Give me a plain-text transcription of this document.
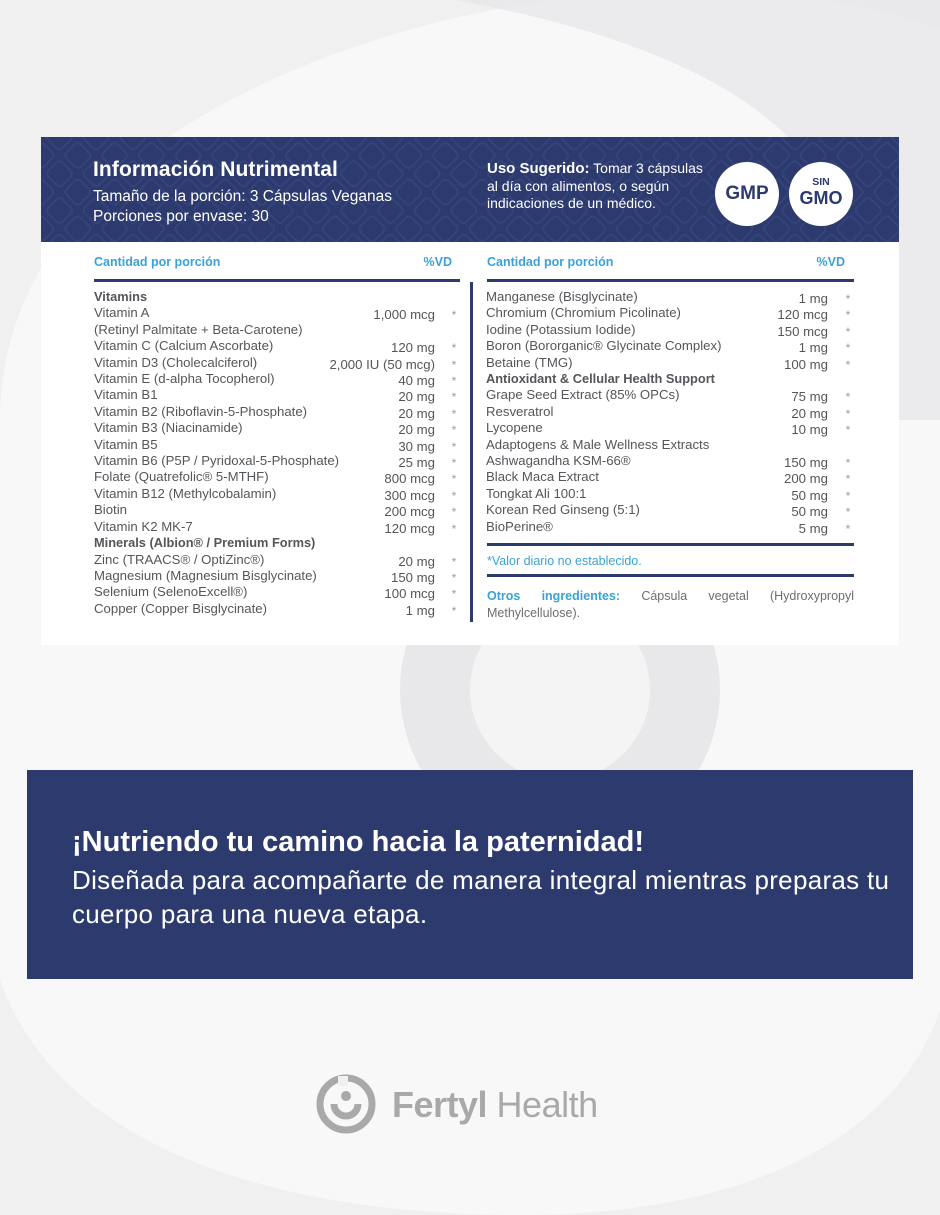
Información Nutrimental
Tamaño de la porción: 3 Cápsulas Veganas
Porciones por envase: 30
Uso Sugerido: Tomar 3 cápsulas al día con alimentos, o según indicaciones de un médico.	GMP
SIN
GMO
Cantidad por porción	%VD	Cantidad por porción	%VD
Vitamins
Vitamin A	1,000 mcg	*
(Retinyl Palmitate + Beta-Carotene)
Vitamin C (Calcium Ascorbate)	120 mg	*
Vitamin D3 (Cholecalciferol)	2,000 IU (50 mcg)	*
Vitamin E (d-alpha Tocopherol)	40 mg	*
Vitamin B1	20 mg	*
Vitamin B2 (Riboflavin-5-Phosphate)	20 mg	*
Vitamin B3 (Niacinamide)	20 mg	*
Vitamin B5	30 mg	*
Vitamin B6 (P5P / Pyridoxal-5-Phosphate)	25 mg	*
Folate (Quatrefolic® 5-MTHF)	800 mcg	*
Vitamin B12 (Methylcobalamin)	300 mcg	*
Biotin	200 mcg	*
Vitamin K2 MK-7	120 mcg	*
Minerals (Albion® / Premium Forms)
Zinc (TRAACS® / OptiZinc®)	20 mg	*
Magnesium (Magnesium Bisglycinate)	150 mg	*
Selenium (SelenoExcell®)	100 mcg	*
Copper (Copper Bisglycinate)	1 mg	*
Manganese (Bisglycinate)	1 mg	*
Chromium (Chromium Picolinate)	120 mcg	*
Iodine (Potassium Iodide)	150 mcg	*
Boron (Bororganic® Glycinate Complex)	1 mg	*
Betaine (TMG)	100 mg	*
Antioxidant & Cellular Health Support
Grape Seed Extract (85% OPCs)	75 mg	*
Resveratrol	20 mg	*
Lycopene	10 mg	*
Adaptogens & Male Wellness Extracts
Ashwagandha KSM-66®	150 mg	*
Black Maca Extract	200 mg	*
Tongkat Ali 100:1	50 mg	*
Korean Red Ginseng (5:1)	50 mg	*
BioPerine®	5 mg	*
*Valor diario no establecido.
Otros ingredientes: Cápsula vegetal (Hydroxypropyl Methylcellulose).
¡Nutriendo tu camino hacia la paternidad!
Diseñada para acompañarte de manera integral mientras preparas tu cuerpo para una nueva etapa.
Fertyl Health
